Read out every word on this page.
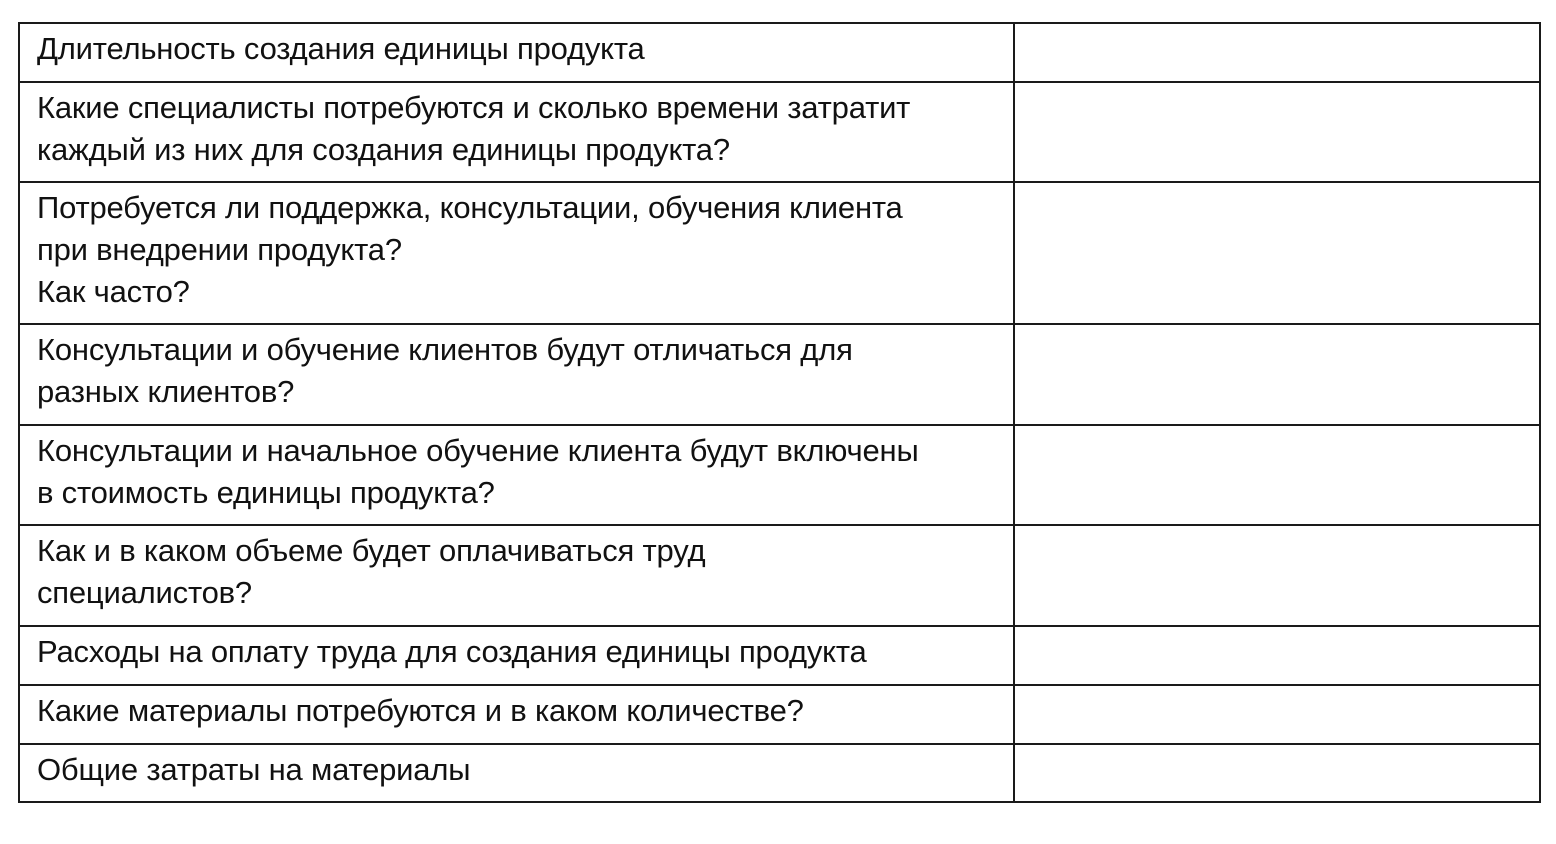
Длительность создания единицы продукта	

Какие специалисты потребуются и сколько времени затратит
каждый из них для создания единицы продукта?	

Потребуется ли поддержка, консультации, обучения клиента
при внедрении продукта?
Как часто?	

Консультации и обучение клиентов будут отличаться для
разных клиентов?	

Консультации и начальное обучение клиента будут включены
в стоимость единицы продукта?	

Как и в каком объеме будет оплачиваться труд
специалистов?	

Расходы на оплату труда для создания единицы продукта	

Какие материалы потребуются и в каком количестве?	

Общие затраты на материалы	
